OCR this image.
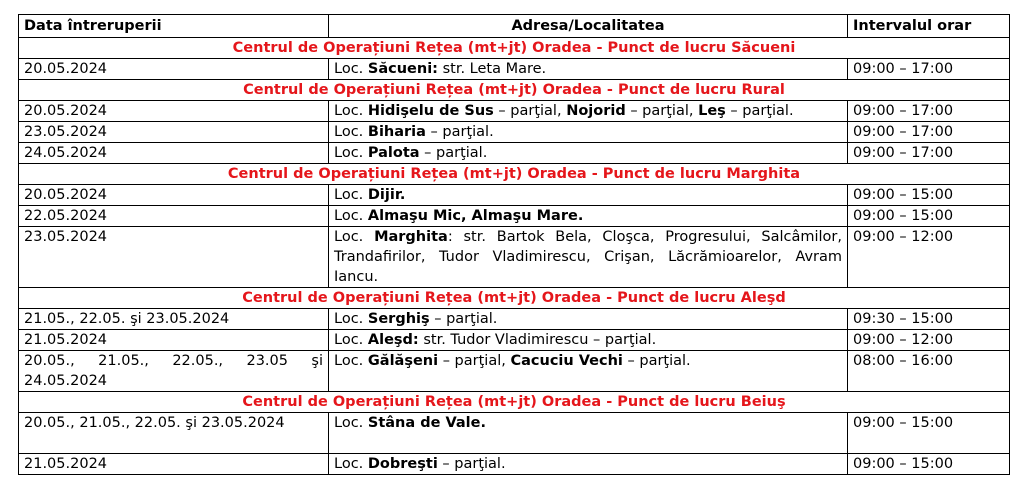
Data întreruperii	Adresa/Localitatea	Intervalul orar
Centrul de Operațiuni Rețea (mt+jt) Oradea - Punct de lucru Săcueni		
20.05.2024	Loc. Săcueni: str. Leta Mare.	09:00 – 17:00
Centrul de Operațiuni Rețea (mt+jt) Oradea - Punct de lucru Rural		
20.05.2024	Loc. Hidişelu de Sus – parţial, Nojorid – parţial, Leş – parţial.	09:00 – 17:00
23.05.2024	Loc. Biharia – parţial.	09:00 – 17:00
24.05.2024	Loc. Palota – parţial.	09:00 – 17:00
Centrul de Operațiuni Rețea (mt+jt) Oradea - Punct de lucru Marghita		
20.05.2024	Loc. Dijir.	09:00 – 15:00
22.05.2024	Loc. Almaşu Mic, Almaşu Mare.	09:00 – 15:00
23.05.2024	Loc. Marghita: str. Bartok Bela, Cloşca, Progresului, Salcâmilor, Trandafirilor, Tudor Vladimirescu, Crişan, Lăcrămioarelor, Avram Iancu.	09:00 – 12:00
Centrul de Operațiuni Rețea (mt+jt) Oradea - Punct de lucru Aleşd		
21.05., 22.05. şi 23.05.2024	Loc. Serghiş – parţial.	09:30 – 15:00
21.05.2024	Loc. Aleşd: str. Tudor Vladimirescu – parţial.	09:00 – 12:00
20.05., 21.05., 22.05., 23.05 şi 24.05.2024	Loc. Gălăşeni – parţial, Cacuciu Vechi – parţial.	08:00 – 16:00
Centrul de Operațiuni Rețea (mt+jt) Oradea - Punct de lucru Beiuş		
20.05., 21.05., 22.05. şi 23.05.2024	Loc. Stâna de Vale.	09:00 – 15:00
21.05.2024	Loc. Dobreşti – parţial.	09:00 – 15:00
